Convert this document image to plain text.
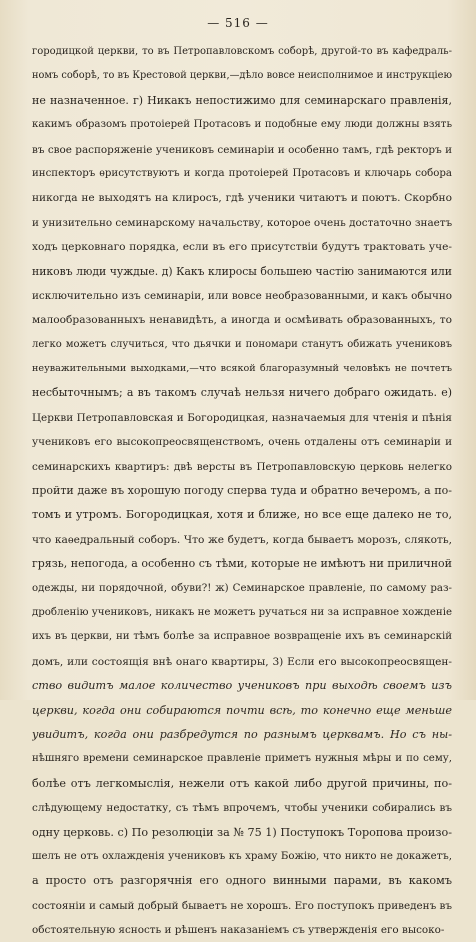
— 516 —
городицкой церкви, то въ Петропавловскомъ соборѣ, другой-то въ кафедраль-
номъ соборѣ, то въ Крестовой церкви,—дѣло вовсе неисполнимое и инструкцiею
не назначенное. г) Никакъ непостижимо для семинарскаго правленiя,
какимъ образомъ протоiерей Протасовъ и подобные ему люди должны взять
въ свое распоряженiе учениковъ семинарiи и особенно тамъ, гдѣ ректоръ и
инспекторъ ѳрисутствуютъ и когда протоiерей Протасовъ и ключарь собора
никогда не выходятъ на клиросъ, гдѣ ученики читаютъ и поютъ. Скорбно
и унизительно семинарскому начальству, которое очень достаточно знаетъ
ходъ церковнаго порядка, если въ его присутствiи будутъ трактовать уче-
никовъ люди чуждые. д) Какъ клиросы большею частiю занимаются или
исключительно изъ семинарiи, или вовсе необразованными, и какъ обычно
малообразованныхъ ненавидѣть, а иногда и осмѣивать образованныхъ, то
легко можетъ случиться, что дьячки и пономари станутъ обижать учениковъ
неуважительными выходками,—что всякой благоразумный человѣкъ не почтетъ
несбыточнымъ; а въ такомъ случаѣ нельзя ничего добраго ожидать. е)
Церкви Петропавловская и Богородицкая, назначаемыя для чтенiя и пѣнiя
учениковъ его высокопреосвященствомъ, очень отдалены отъ семинарiи и
семинарскихъ квартиръ: двѣ версты въ Петропавловскую церковь нелегко
пройти даже въ хорошую погоду сперва туда и обратно вечеромъ, а по-
томъ и утромъ. Богородицкая, хотя и ближе, но все еще далеко не то,
что каѳедральный соборъ. Что же будетъ, когда бываетъ морозъ, слякоть,
грязь, непогода, а особенно съ тѣми, которые не имѣютъ ни приличной
одежды, ни порядочной, обуви?! ж) Семинарское правленiе, по самому раз-
дробленiю учениковъ, никакъ не можетъ ручаться ни за исправное хожденiе
ихъ въ церкви, ни тѣмъ болѣе за исправное возвращенiе ихъ въ семинарскiй
домъ, или состоящiя внѣ онаго квартиры, 3) Если его высокопреосвящен-
ство видитъ малое количество учениковъ при выходѣ своемъ изъ
церкви, когда они собираются почти всѣ, то конечно еще меньше
увидитъ, когда они разбредутся по разнымъ церквамъ. Но съ ны-
нѣшняго времени семинарское правленiе приметъ нужныя мѣры и по сему,
болѣе отъ легкомыслiя, нежели отъ какой либо другой причины, по-
слѣдующему недостатку, съ тѣмъ впрочемъ, чтобы ученики собирались въ
одну церковь. с) По резолюцiи за № 75 1) Поступокъ Торопова произо-
шелъ не отъ охлажденiя учениковъ къ храму Божiю, что никто не докажетъ,
а просто отъ разгорячнiя его одного винными парами, въ какомъ
состоянiи и самый добрый бываетъ не хорошъ. Его поступокъ приведенъ въ
обстоятельную ясность и рѣшенъ наказанiемъ съ утвержденiя его высоко-
